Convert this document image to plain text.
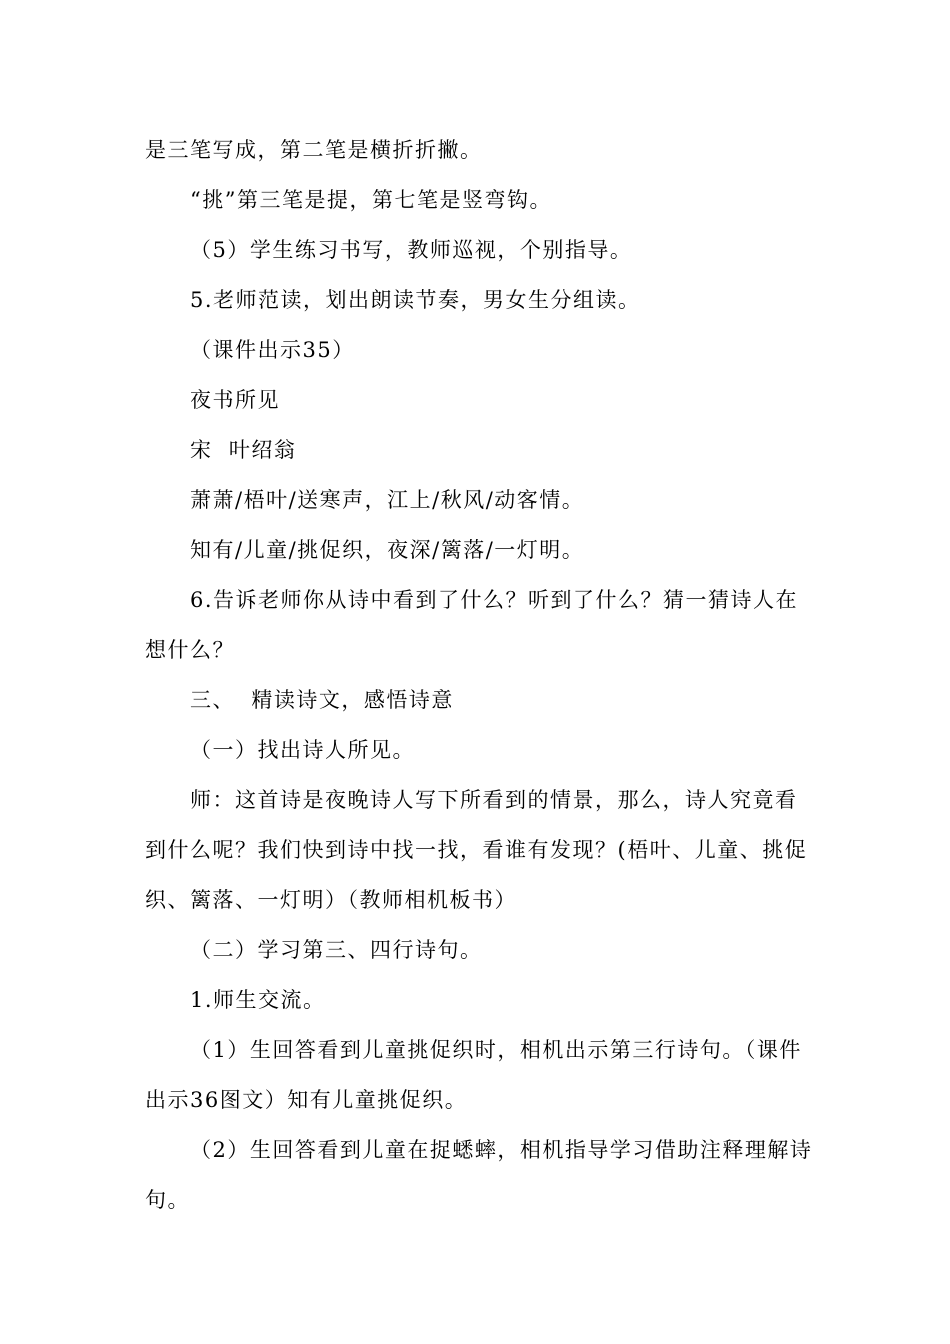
是三笔写成，第二笔是横折折撇。
“挑”第三笔是提，第七笔是竖弯钩。
（5）学生练习书写，教师巡视，个别指导。
5.老师范读，划出朗读节奏，男女生分组读。
（课件出示35）
夜书所见
宋  叶绍翁
萧萧/梧叶/送寒声，江上/秋风/动客情。
知有/儿童/挑促织，夜深/篱落/一灯明。
6.告诉老师你从诗中看到了什么？听到了什么？猜一猜诗人在
想什么？
三、  精读诗文，感悟诗意
（一）找出诗人所见。
师：这首诗是夜晚诗人写下所看到的情景，那么，诗人究竟看
到什么呢？我们快到诗中找一找，看谁有发现？(梧叶、儿童、挑促
织、篱落、一灯明）（教师相机板书）
（二）学习第三、四行诗句。
1.师生交流。
（1）生回答看到儿童挑促织时，相机出示第三行诗句。（课件
出示36图文）知有儿童挑促织。
（2）生回答看到儿童在捉蟋蟀，相机指导学习借助注释理解诗
句。
